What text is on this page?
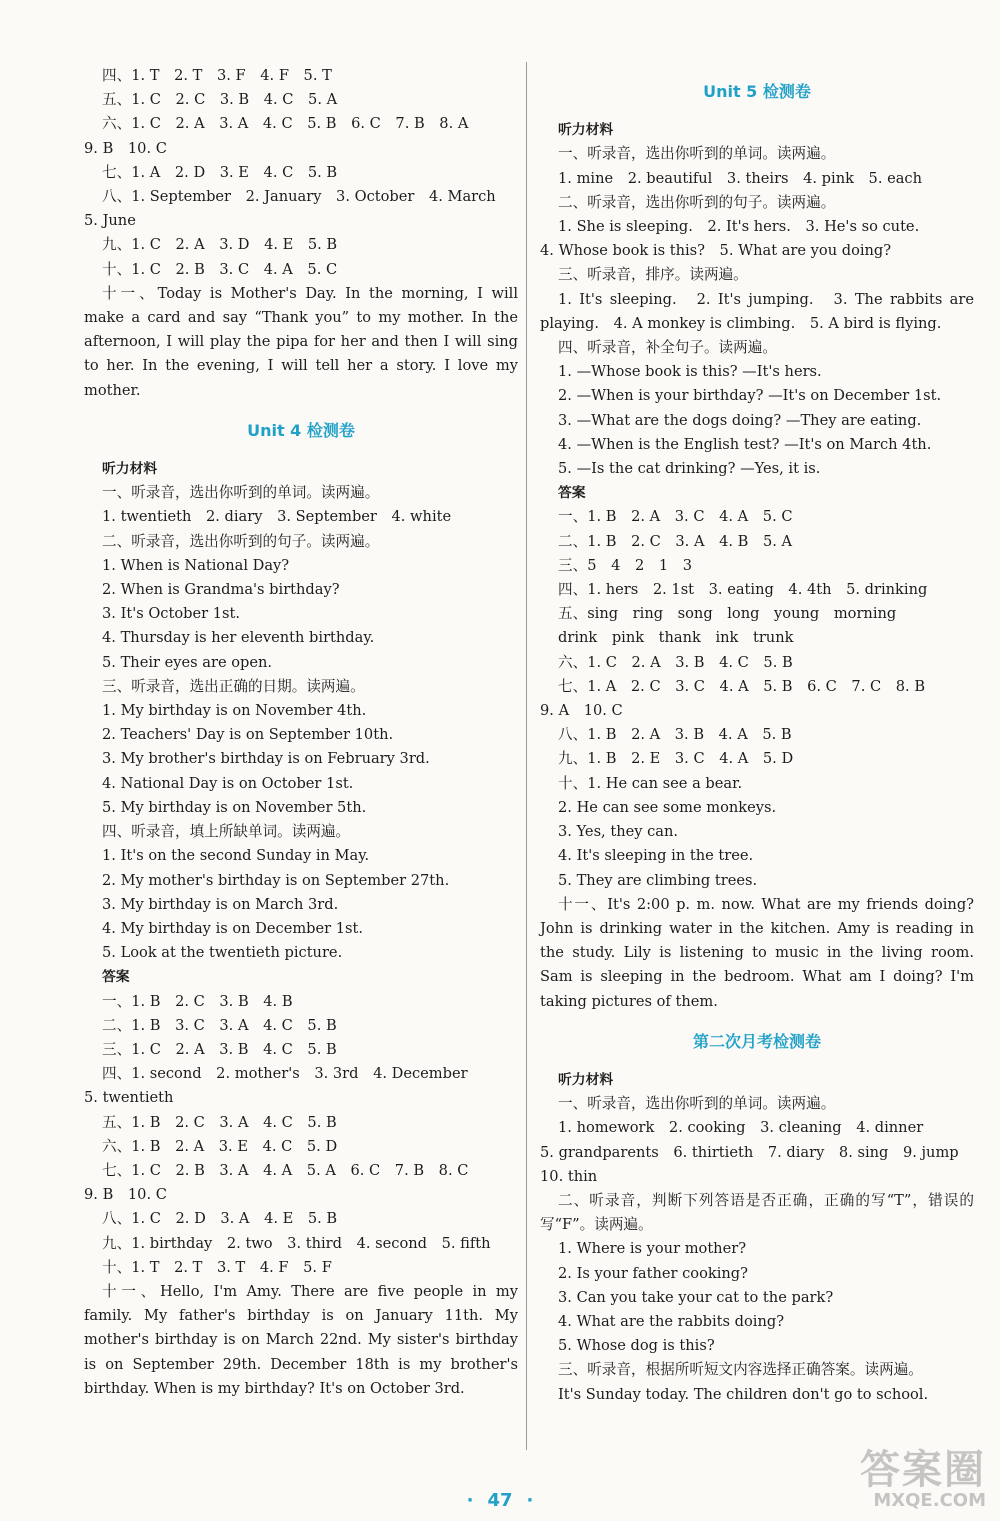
四、1. T　2. T　3. F　4. F　5. T
五、1. C　2. C　3. B　4. C　5. A
六、1. C　2. A　3. A　4. C　5. B　6. C　7. B　8. A
9. B　10. C
七、1. A　2. D　3. E　4. C　5. B
八、1. September　2. January　3. October　4. March
5. June
九、1. C　2. A　3. D　4. E　5. B
十、1. C　2. B　3. C　4. A　5. C
十一、Today is Mother's Day. In the morning, I will make a card and say “Thank you” to my mother. In the afternoon, I will play the pipa for her and then I will sing to her. In the evening, I will tell her a story. I love my mother.
Unit 4 检测卷
听力材料
一、听录音，选出你听到的单词。读两遍。
1. twentieth　2. diary　3. September　4. white
二、听录音，选出你听到的句子。读两遍。
1. When is National Day?
2. When is Grandma's birthday?
3. It's October 1st.
4. Thursday is her eleventh birthday.
5. Their eyes are open.
三、听录音，选出正确的日期。读两遍。
1. My birthday is on November 4th.
2. Teachers' Day is on September 10th.
3. My brother's birthday is on February 3rd.
4. National Day is on October 1st.
5. My birthday is on November 5th.
四、听录音，填上所缺单词。读两遍。
1. It's on the second Sunday in May.
2. My mother's birthday is on September 27th.
3. My birthday is on March 3rd.
4. My birthday is on December 1st.
5. Look at the twentieth picture.
答案
一、1. B　2. C　3. B　4. B
二、1. B　3. C　3. A　4. C　5. B
三、1. C　2. A　3. B　4. C　5. B
四、1. second　2. mother's　3. 3rd　4. December
5. twentieth
五、1. B　2. C　3. A　4. C　5. B
六、1. B　2. A　3. E　4. C　5. D
七、1. C　2. B　3. A　4. A　5. A　6. C　7. B　8. C
9. B　10. C
八、1. C　2. D　3. A　4. E　5. B
九、1. birthday　2. two　3. third　4. second　5. fifth
十、1. T　2. T　3. T　4. F　5. F
十一、Hello, I'm Amy. There are five people in my family. My father's birthday is on January 11th. My mother's birthday is on March 22nd. My sister's birthday is on September 29th. December 18th is my brother's birthday. When is my birthday? It's on October 3rd.
Unit 5 检测卷
听力材料
一、听录音，选出你听到的单词。读两遍。
1. mine　2. beautiful　3. theirs　4. pink　5. each
二、听录音，选出你听到的句子。读两遍。
1. She is sleeping.　2. It's hers.　3. He's so cute.
4. Whose book is this?　5. What are you doing?
三、听录音，排序。读两遍。
1. It's sleeping.　2. It's jumping.　3. The rabbits are playing.　4. A monkey is climbing.　5. A bird is flying.
四、听录音，补全句子。读两遍。
1. —Whose book is this? —It's hers.
2. —When is your birthday? —It's on December 1st.
3. —What are the dogs doing? —They are eating.
4. —When is the English test? —It's on March 4th.
5. —Is the cat drinking? —Yes, it is.
答案
一、1. B　2. A　3. C　4. A　5. C
二、1. B　2. C　3. A　4. B　5. A
三、5　4　2　1　3
四、1. hers　2. 1st　3. eating　4. 4th　5. drinking
五、sing　ring　song　long　young　morning
drink　pink　thank　ink　trunk
六、1. C　2. A　3. B　4. C　5. B
七、1. A　2. C　3. C　4. A　5. B　6. C　7. C　8. B
9. A　10. C
八、1. B　2. A　3. B　4. A　5. B
九、1. B　2. E　3. C　4. A　5. D
十、1. He can see a bear.
2. He can see some monkeys.
3. Yes, they can.
4. It's sleeping in the tree.
5. They are climbing trees.
十一、It's 2:00 p. m. now. What are my friends doing? John is drinking water in the kitchen. Amy is reading in the study. Lily is listening to music in the living room. Sam is sleeping in the bedroom. What am I doing? I'm taking pictures of them.
第二次月考检测卷
听力材料
一、听录音，选出你听到的单词。读两遍。
1. homework　2. cooking　3. cleaning　4. dinner
5. grandparents　6. thirtieth　7. diary　8. sing　9. jump
10. thin
二、听录音，判断下列答语是否正确，正确的写“T”，错误的写“F”。读两遍。
1. Where is your mother?
2. Is your father cooking?
3. Can you take your cat to the park?
4. What are the rabbits doing?
5. Whose dog is this?
三、听录音，根据所听短文内容选择正确答案。读两遍。
It's Sunday today. The children don't go to school.
· 47 ·
答案圈
MXQE.COM
